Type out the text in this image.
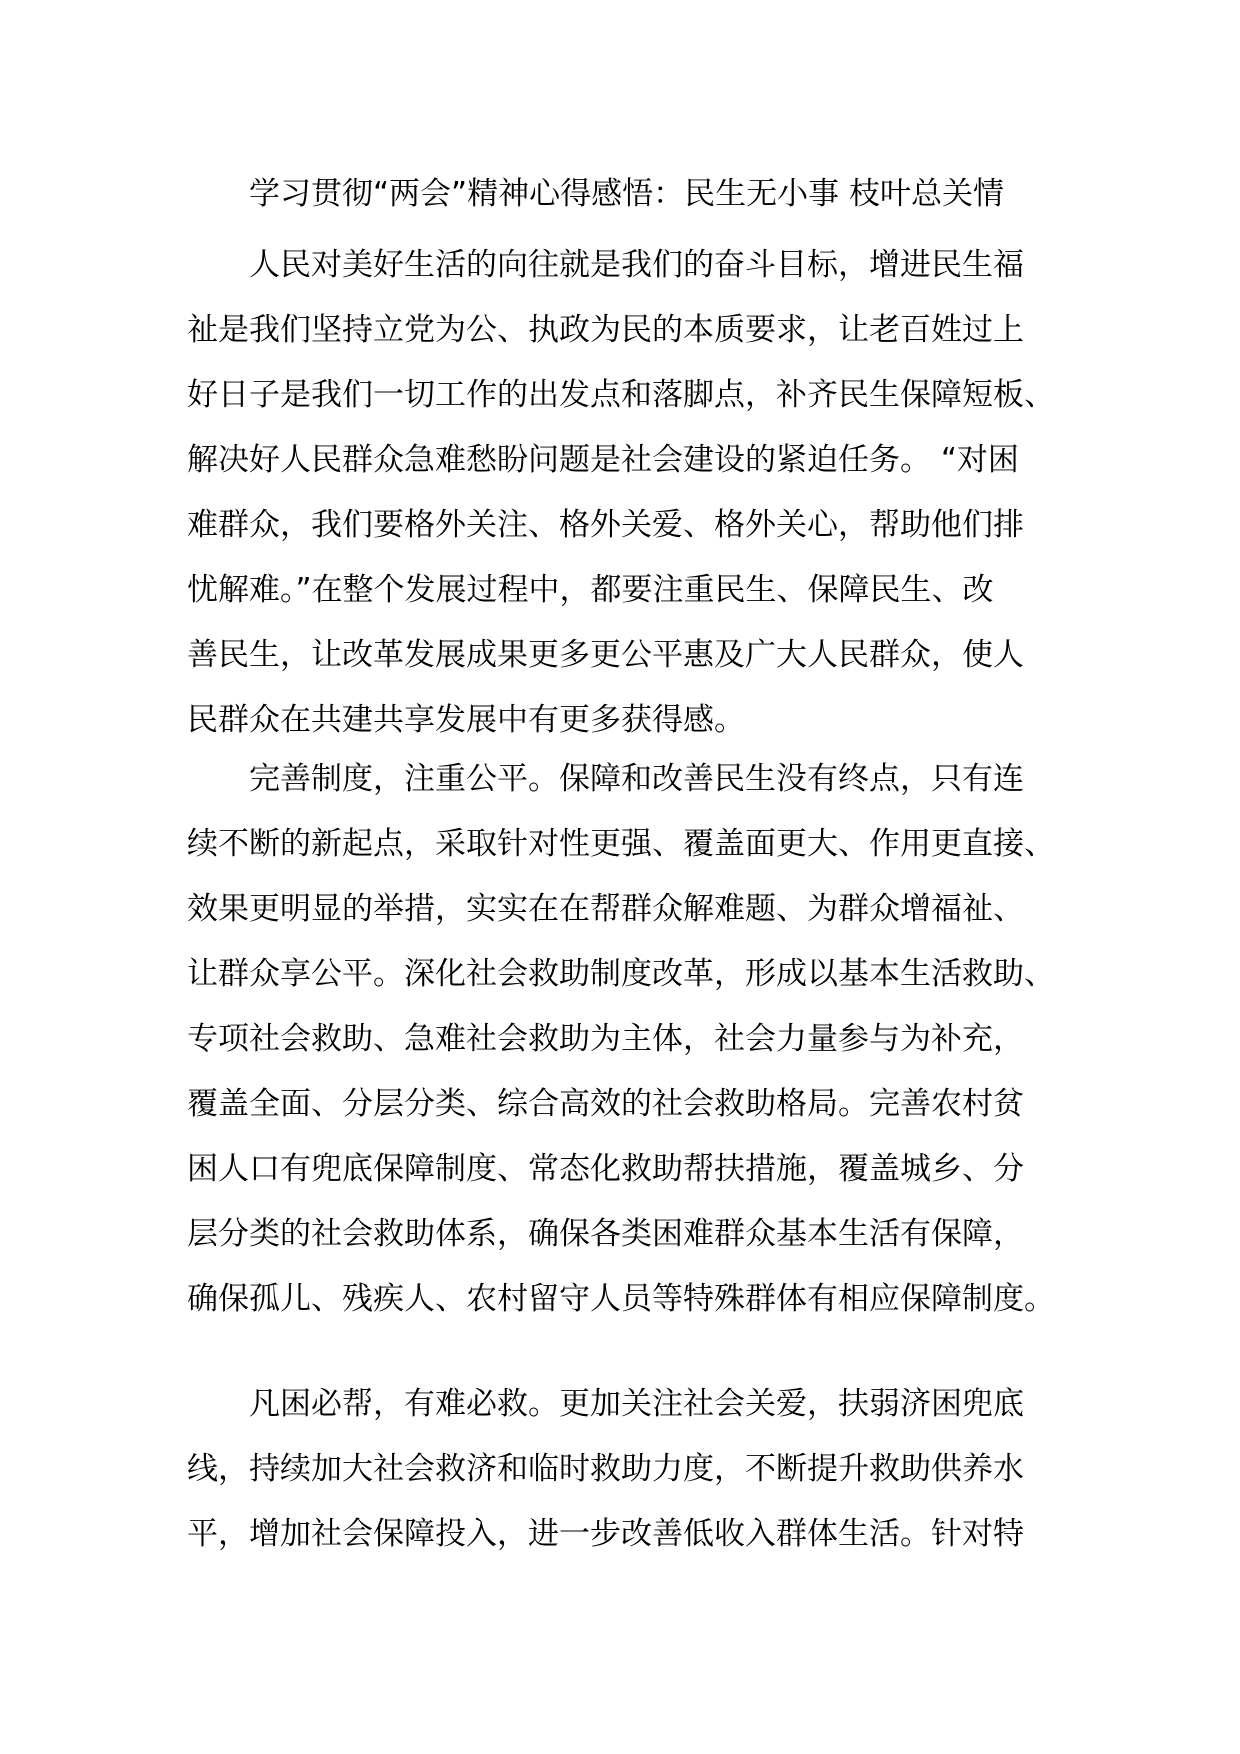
　　学习贯彻“两会”精神心得感悟：民生无小事 枝叶总关情
　　人民对美好生活的向往就是我们的奋斗目标，增进民生福
祉是我们坚持立党为公、执政为民的本质要求，让老百姓过上
好日子是我们一切工作的出发点和落脚点，补齐民生保障短板、
解决好人民群众急难愁盼问题是社会建设的紧迫任务。 “对困
难群众，我们要格外关注、格外关爱、格外关心，帮助他们排
忧解难。”在整个发展过程中，都要注重民生、保障民生、改
善民生，让改革发展成果更多更公平惠及广大人民群众，使人
民群众在共建共享发展中有更多获得感。
　　完善制度，注重公平。保障和改善民生没有终点，只有连
续不断的新起点，采取针对性更强、覆盖面更大、作用更直接、
效果更明显的举措，实实在在帮群众解难题、为群众增福祉、
让群众享公平。深化社会救助制度改革，形成以基本生活救助、
专项社会救助、急难社会救助为主体，社会力量参与为补充，
覆盖全面、分层分类、综合高效的社会救助格局。完善农村贫
困人口有兜底保障制度、常态化救助帮扶措施，覆盖城乡、分
层分类的社会救助体系，确保各类困难群众基本生活有保障，
确保孤儿、残疾人、农村留守人员等特殊群体有相应保障制度。
　　凡困必帮，有难必救。更加关注社会关爱，扶弱济困兜底
线，持续加大社会救济和临时救助力度，不断提升救助供养水
平，增加社会保障投入，进一步改善低收入群体生活。针对特
